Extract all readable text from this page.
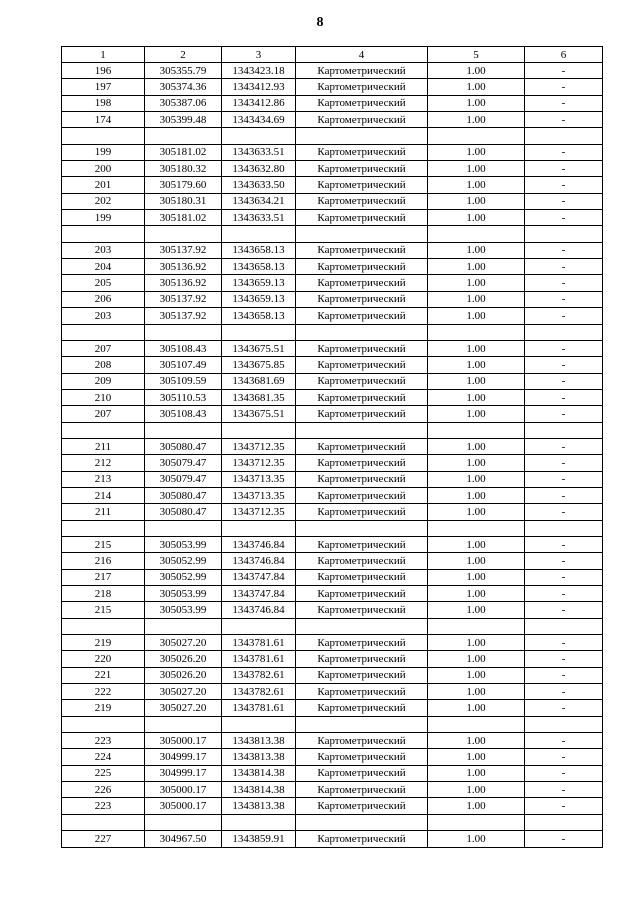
8
1	2	3	4	5	6
196	305355.79	1343423.18	Картометрический	1.00	-
197	305374.36	1343412.93	Картометрический	1.00	-
198	305387.06	1343412.86	Картометрический	1.00	-
174	305399.48	1343434.69	Картометрический	1.00	-

199	305181.02	1343633.51	Картометрический	1.00	-
200	305180.32	1343632.80	Картометрический	1.00	-
201	305179.60	1343633.50	Картометрический	1.00	-
202	305180.31	1343634.21	Картометрический	1.00	-
199	305181.02	1343633.51	Картометрический	1.00	-

203	305137.92	1343658.13	Картометрический	1.00	-
204	305136.92	1343658.13	Картометрический	1.00	-
205	305136.92	1343659.13	Картометрический	1.00	-
206	305137.92	1343659.13	Картометрический	1.00	-
203	305137.92	1343658.13	Картометрический	1.00	-

207	305108.43	1343675.51	Картометрический	1.00	-
208	305107.49	1343675.85	Картометрический	1.00	-
209	305109.59	1343681.69	Картометрический	1.00	-
210	305110.53	1343681.35	Картометрический	1.00	-
207	305108.43	1343675.51	Картометрический	1.00	-

211	305080.47	1343712.35	Картометрический	1.00	-
212	305079.47	1343712.35	Картометрический	1.00	-
213	305079.47	1343713.35	Картометрический	1.00	-
214	305080.47	1343713.35	Картометрический	1.00	-
211	305080.47	1343712.35	Картометрический	1.00	-

215	305053.99	1343746.84	Картометрический	1.00	-
216	305052.99	1343746.84	Картометрический	1.00	-
217	305052.99	1343747.84	Картометрический	1.00	-
218	305053.99	1343747.84	Картометрический	1.00	-
215	305053.99	1343746.84	Картометрический	1.00	-

219	305027.20	1343781.61	Картометрический	1.00	-
220	305026.20	1343781.61	Картометрический	1.00	-
221	305026.20	1343782.61	Картометрический	1.00	-
222	305027.20	1343782.61	Картометрический	1.00	-
219	305027.20	1343781.61	Картометрический	1.00	-

223	305000.17	1343813.38	Картометрический	1.00	-
224	304999.17	1343813.38	Картометрический	1.00	-
225	304999.17	1343814.38	Картометрический	1.00	-
226	305000.17	1343814.38	Картометрический	1.00	-
223	305000.17	1343813.38	Картометрический	1.00	-

227	304967.50	1343859.91	Картометрический	1.00	-
